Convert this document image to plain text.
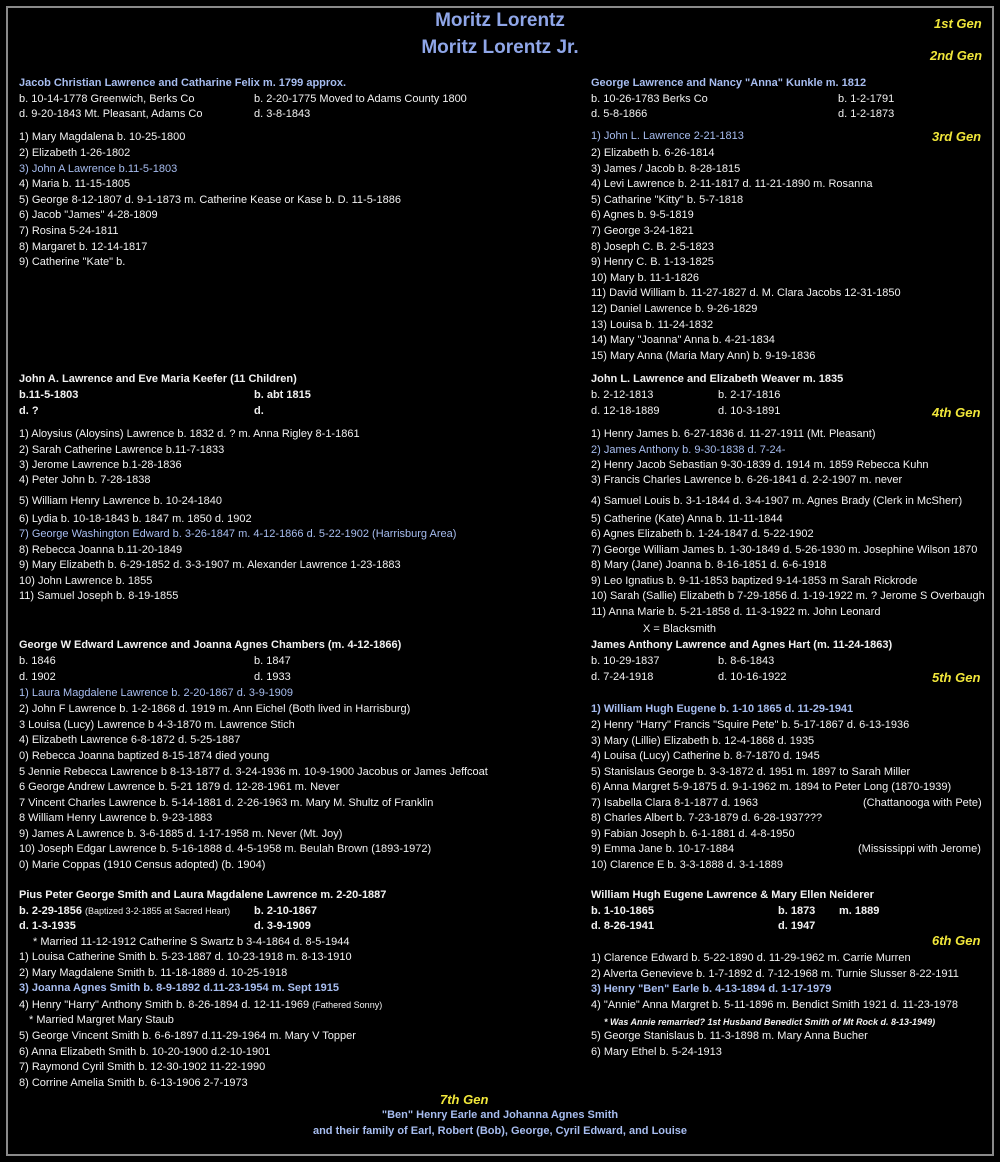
Moritz Lorentz
Moritz Lorentz Jr.
1st Gen
2nd Gen
3rd Gen
4th Gen
5th Gen
6th Gen
7th Gen
Jacob Christian Lawrence and Catharine Felix m. 1799 approx.
b. 10-14-1778 Greenwich, Berks Co	b. 2-20-1775 Moved to Adams County 1800
d. 9-20-1843 Mt. Pleasant, Adams Co	d. 3-8-1843
1) Mary Magdalena b. 10-25-1800
2) Elizabeth 1-26-1802
3) John A Lawrence b.11-5-1803
4) Maria b. 11-15-1805
5) George 8-12-1807 d. 9-1-1873 m. Catherine Kease or Kase b. D. 11-5-1886
6) Jacob "James" 4-28-1809
7) Rosina 5-24-1811
8) Margaret b. 12-14-1817
9) Catherine "Kate" b.
John A. Lawrence and Eve Maria Keefer (11 Children)
b.11-5-1803	b. abt 1815
d. ?	d.
1) Aloysius (Aloysins) Lawrence b. 1832 d. ? m. Anna Rigley 8-1-1861
2) Sarah Catherine Lawrence b.11-7-1833
3) Jerome Lawrence b.1-28-1836
4) Peter John b. 7-28-1838
5) William Henry Lawrence b. 10-24-1840
6) Lydia b. 10-18-1843 b. 1847 m. 1850 d. 1902
7) George Washington Edward b. 3-26-1847 m. 4-12-1866 d. 5-22-1902 (Harrisburg Area)
8) Rebecca Joanna b.11-20-1849
9) Mary Elizabeth b. 6-29-1852 d. 3-3-1907 m. Alexander Lawrence 1-23-1883
10) John Lawrence b. 1855
11) Samuel Joseph b. 8-19-1855
George W Edward Lawrence and Joanna Agnes Chambers (m. 4-12-1866)
b. 1846	b. 1847
d. 1902	d. 1933
1) Laura Magdalene Lawrence b. 2-20-1867 d. 3-9-1909
2) John F Lawrence b. 1-2-1868 d. 1919 m. Ann Eichel (Both lived in Harrisburg)
3 Louisa (Lucy) Lawrence b 4-3-1870 m. Lawrence Stich
4) Elizabeth Lawrence 6-8-1872 d. 5-25-1887
0) Rebecca Joanna baptized 8-15-1874 died young
5 Jennie Rebecca Lawrence b 8-13-1877 d. 3-24-1936 m. 10-9-1900 Jacobus or James Jeffcoat
6 George Andrew Lawrence b. 5-21 1879 d. 12-28-1961 m. Never
7 Vincent Charles Lawrence b. 5-14-1881 d. 2-26-1963 m. Mary M. Shultz of Franklin
8 William Henry Lawrence b. 9-23-1883
9) James A Lawrence b. 3-6-1885 d. 1-17-1958 m. Never (Mt. Joy)
10) Joseph Edgar Lawrence b. 5-16-1888 d. 4-5-1958 m. Beulah Brown (1893-1972)
0) Marie Coppas (1910 Census adopted) (b. 1904)
Pius Peter George Smith and Laura Magdalene Lawrence m. 2-20-1887
b. 2-29-1856 (Baptized 3-2-1855 at Sacred Heart) b. 2-10-1867
d. 1-3-1935	d. 3-9-1909
* Married 11-12-1912 Catherine S Swartz b 3-4-1864 d. 8-5-1944
1) Louisa Catherine Smith b. 5-23-1887 d. 10-23-1918 m. 8-13-1910
2) Mary Magdalene Smith b. 11-18-1889 d. 10-25-1918
3) Joanna Agnes Smith b. 8-9-1892 d.11-23-1954 m. Sept 1915
4) Henry "Harry" Anthony Smith b. 8-26-1894 d. 12-11-1969 (Fathered Sonny)
* Married Margret Mary Staub
5) George Vincent Smith b. 6-6-1897 d.11-29-1964 m. Mary V Topper
6) Anna Elizabeth Smith b. 10-20-1900 d.2-10-1901
7) Raymond Cyril Smith b. 12-30-1902 11-22-1990
8) Corrine Amelia Smith b. 6-13-1906 2-7-1973
George Lawrence and Nancy "Anna" Kunkle m. 1812
b. 10-26-1783 Berks Co	b. 1-2-1791
d. 5-8-1866	d. 1-2-1873
1) John L. Lawrence 2-21-1813
2) Elizabeth b. 6-26-1814
3) James / Jacob b. 8-28-1815
4) Levi Lawrence b. 2-11-1817 d. 11-21-1890 m. Rosanna
5) Catharine "Kitty" b. 5-7-1818
6) Agnes b. 9-5-1819
7) George 3-24-1821
8) Joseph C. B. 2-5-1823
9) Henry C. B. 1-13-1825
10) Mary b. 11-1-1826
11) David William b. 11-27-1827 d. M. Clara Jacobs 12-31-1850
12) Daniel Lawrence b. 9-26-1829
13) Louisa b. 11-24-1832
14) Mary "Joanna" Anna b. 4-21-1834
15) Mary Anna (Maria Mary Ann) b. 9-19-1836
John L. Lawrence and Elizabeth Weaver m. 1835
b. 2-12-1813	b. 2-17-1816
d. 12-18-1889	d. 10-3-1891
1) Henry James b. 6-27-1836 d. 11-27-1911 (Mt. Pleasant)
2) James Anthony b. 9-30-1838 d. 7-24-
2) Henry Jacob Sebastian 9-30-1839 d. 1914 m. 1859 Rebecca Kuhn
3) Francis Charles Lawrence b. 6-26-1841 d. 2-2-1907 m. never
4) Samuel Louis b. 3-1-1844 d. 3-4-1907 m. Agnes Brady (Clerk in McSherr)
5) Catherine (Kate) Anna b. 11-11-1844
6) Agnes Elizabeth b. 1-24-1847 d. 5-22-1902
7) George William James b. 1-30-1849 d. 5-26-1930 m. Josephine Wilson 1870
8) Mary (Jane) Joanna b. 8-16-1851 d. 6-6-1918
9) Leo Ignatius b. 9-11-1853 baptized 9-14-1853 m Sarah Rickrode
10) Sarah (Sallie) Elizabeth b 7-29-1856 d. 1-19-1922 m. ? Jerome S Overbaugh
11) Anna Marie b. 5-21-1858 d. 11-3-1922 m. John Leonard
X = Blacksmith
James Anthony Lawrence and Agnes Hart (m. 11-24-1863)
b. 10-29-1837	b. 8-6-1843
d. 7-24-1918	d. 10-16-1922
1) William Hugh Eugene b. 1-10 1865 d. 11-29-1941
2) Henry "Harry" Francis "Squire Pete" b. 5-17-1867 d. 6-13-1936
3) Mary (Lillie) Elizabeth b. 12-4-1868 d. 1935
4) Louisa (Lucy) Catherine b. 8-7-1870 d. 1945
5) Stanislaus George b. 3-3-1872 d. 1951 m. 1897 to Sarah Miller
6) Anna Margret 5-9-1875 d. 9-1-1962 m. 1894 to Peter Long (1870-1939)
7) Isabella Clara 8-1-1877 d. 1963	(Chattanooga with Pete)
8) Charles Albert b. 7-23-1879 d. 6-28-1937???
9) Fabian Joseph b. 6-1-1881 d. 4-8-1950
9) Emma Jane b. 10-17-1884	(Mississippi with Jerome)
10) Clarence E b. 3-3-1888 d. 3-1-1889
William Hugh Eugene Lawrence & Mary Ellen Neiderer
b. 1-10-1865	b. 1873 m. 1889
d. 8-26-1941	d. 1947
1) Clarence Edward b. 5-22-1890 d. 11-29-1962 m. Carrie Murren
2) Alverta Genevieve b. 1-7-1892 d. 7-12-1968 m. Turnie Slusser 8-22-1911
3) Henry "Ben" Earle b. 4-13-1894 d. 1-17-1979
4) "Annie" Anna Margret b. 5-11-1896 m. Bendict Smith 1921 d. 11-23-1978
* Was Annie remarried? 1st Husband Benedict Smith of Mt Rock d. 8-13-1949)
5) George Stanislaus b. 11-3-1898 m. Mary Anna Bucher
6) Mary Ethel b. 5-24-1913
"Ben" Henry Earle and Johanna Agnes Smith
and their family of Earl, Robert (Bob), George, Cyril Edward, and Louise
